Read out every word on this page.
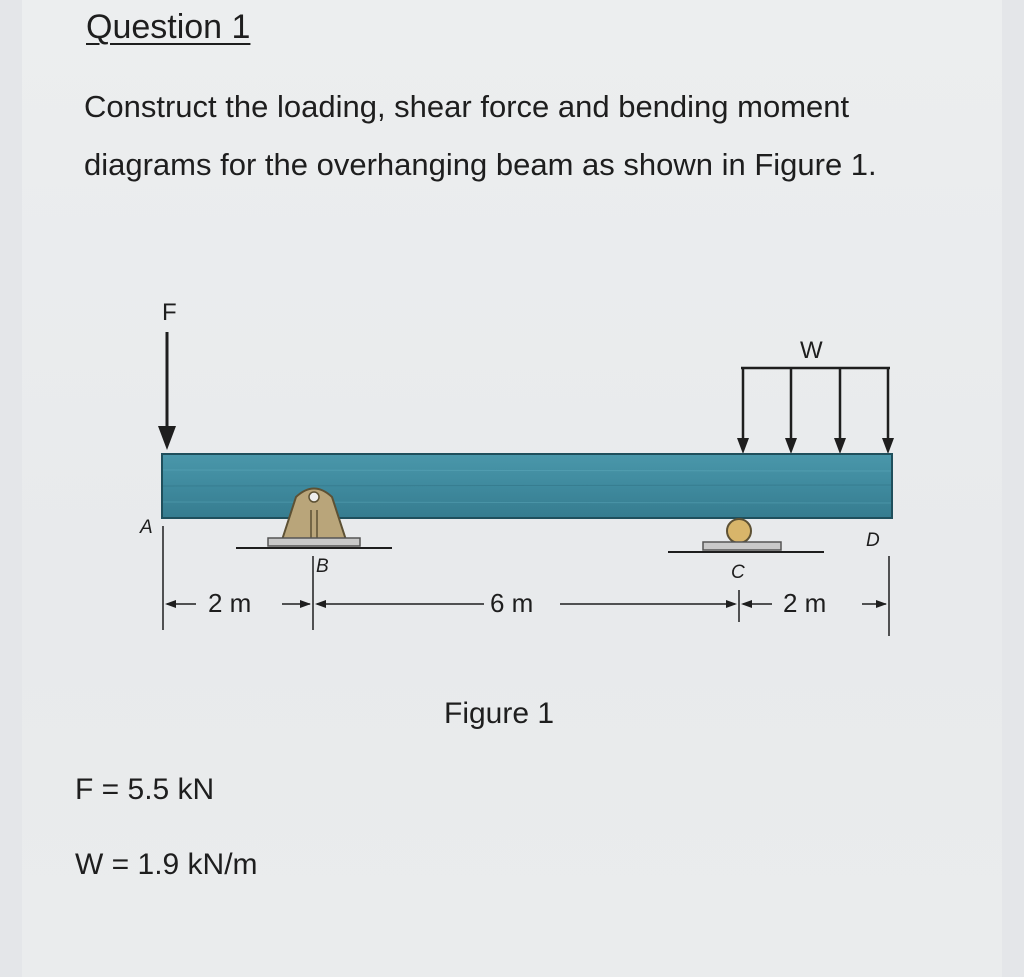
Question 1
Construct the loading, shear force and bending moment diagrams for the overhanging beam as shown in Figure 1.
F
W
A
B	C
D
2 m	6 m	2 m
Figure 1
F = 5.5 kN
W = 1.9 kN/m
